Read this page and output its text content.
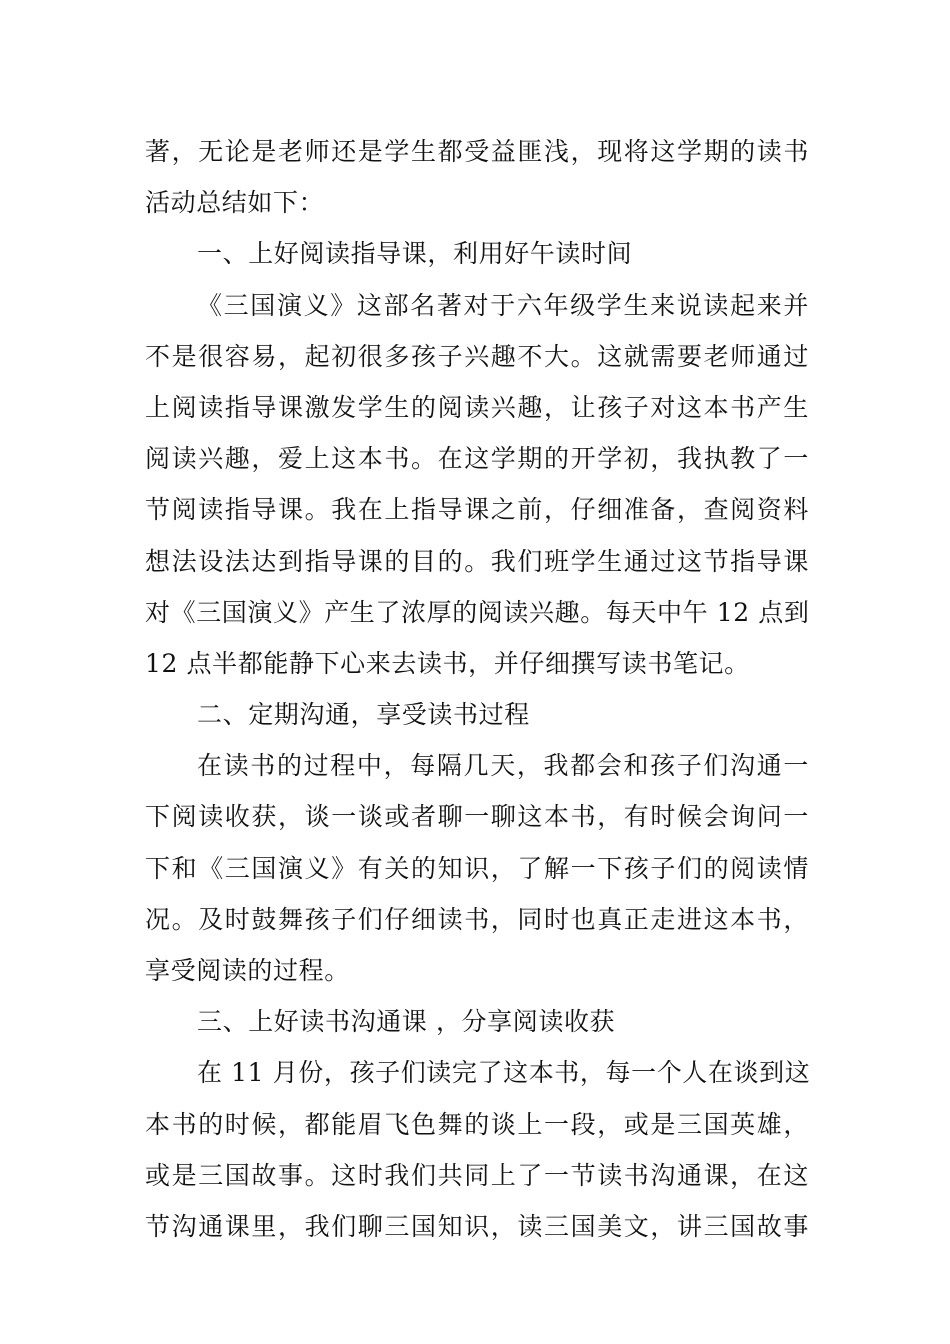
著，无论是老师还是学生都受益匪浅，现将这学期的读书
活动总结如下：
一、上好阅读指导课，利用好午读时间
《三国演义》这部名著对于六年级学生来说读起来并
不是很容易，起初很多孩子兴趣不大。这就需要老师通过
上阅读指导课激发学生的阅读兴趣，让孩子对这本书产生
阅读兴趣，爱上这本书。在这学期的开学初，我执教了一
节阅读指导课。我在上指导课之前，仔细准备，查阅资料
想法设法达到指导课的目的。我们班学生通过这节指导课
对《三国演义》产生了浓厚的阅读兴趣。每天中午 12 点到
12 点半都能静下心来去读书，并仔细撰写读书笔记。
二、定期沟通，享受读书过程
在读书的过程中，每隔几天，我都会和孩子们沟通一
下阅读收获，谈一谈或者聊一聊这本书，有时候会询问一
下和《三国演义》有关的知识，了解一下孩子们的阅读情
况。及时鼓舞孩子们仔细读书，同时也真正走进这本书，
享受阅读的过程。
三、上好读书沟通课 ，分享阅读收获
在 11 月份，孩子们读完了这本书，每一个人在谈到这
本书的时候，都能眉飞色舞的谈上一段，或是三国英雄，
或是三国故事。这时我们共同上了一节读书沟通课，在这
节沟通课里，我们聊三国知识，读三国美文，讲三国故事
